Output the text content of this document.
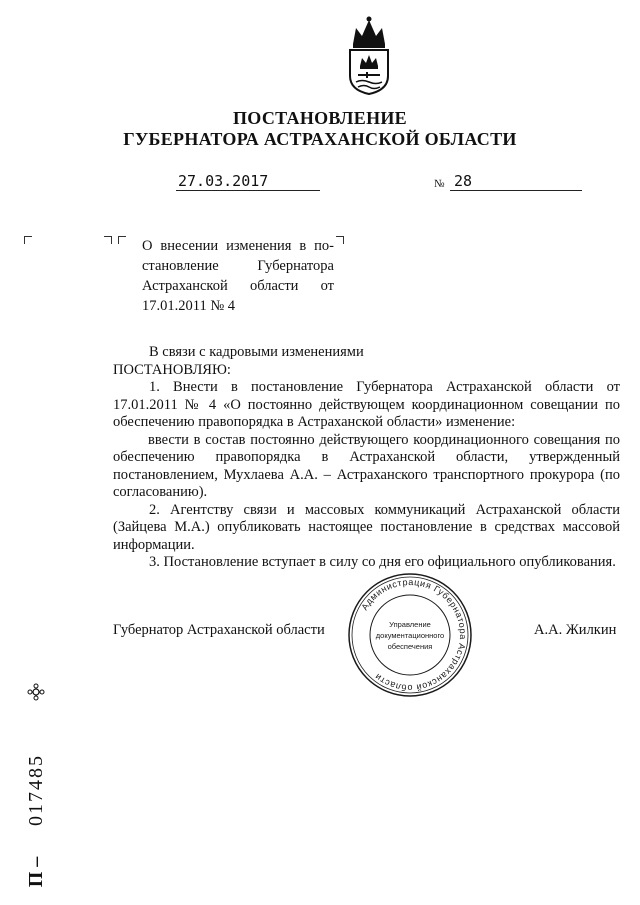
ПОСТАНОВЛЕНИЕ
ГУБЕРНАТОРА АСТРАХАНСКОЙ ОБЛАСТИ
27.03.2017	№ 28
О внесении изменения в по-
становление Губернатора
Астраханской области от
17.01.2011 № 4

В связи с кадровыми изменениями

ПОСТАНОВЛЯЮ:

1. Внести в постановление Губернатора Астраханской области от 17.01.2011 № 4 «О постоянно действующем координационном совещании по обеспечению правопорядка в Астраханской области» изменение:

ввести в состав постоянно действующего координационного совещания по обеспечению правопорядка в Астраханской области, утвержденный постановлением, Мухлаева А.А. – Астраханского транспортного прокурора (по согласованию).

2. Агентству связи и массовых коммуникаций Астраханской области (Зайцева М.А.) опубликовать настоящее постановление в средствах массовой информации.

3. Постановление вступает в силу со дня его официального опубликования.

Администрация Губернатора Астраханской области
Управление
документационного
обеспечения
Губернатор Астраханской области	А.А. Жилкин
017485
П –
